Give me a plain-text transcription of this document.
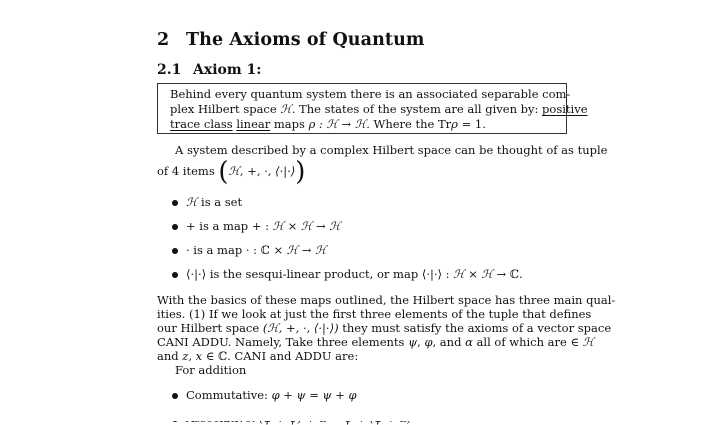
2 The Axioms of Quantum
2.1 Axiom 1:
Behind every quantum system there is an associated separable com-
plex Hilbert space ℋ. The states of the system are all given by: positive
trace class linear maps ρ : ℋ → ℋ. Where the Trρ = 1.
A system described by a complex Hilbert space can be thought of as tuple
of 4 items (ℋ, +, ·, ⟨·|·⟩)
ℋ is a set
+ is a map + : ℋ × ℋ → ℋ
· is a map · : ℂ × ℋ → ℋ
⟨·|·⟩ is the sesqui-linear product, or map ⟨·|·⟩ : ℋ × ℋ → ℂ.
With the basics of these maps outlined, the Hilbert space has three main qual-
ities. (1) If we look at just the first three elements of the tuple that defines
our Hilbert space (ℋ, +, ·, ⟨·|·⟩) they must satisfy the axioms of a vector space
CANI ADDU. Namely, Take three elements ψ, φ, and α all of which are ∈ ℋ
and z, x ∈ ℂ. CANI and ADDU are:
For addition
Commutative: φ + ψ = ψ + φ
